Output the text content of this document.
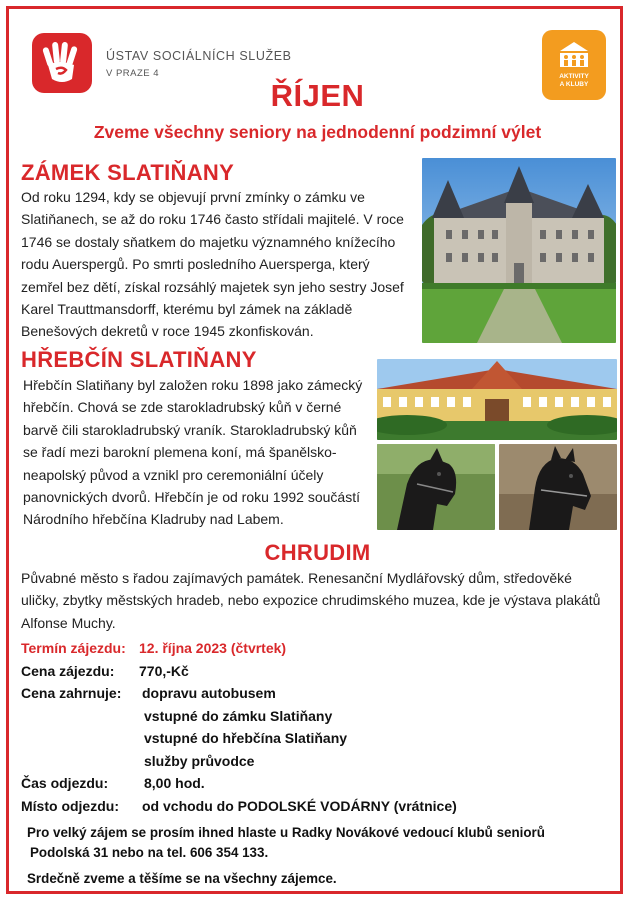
ÚSTAV SOCIÁLNÍCH SLUŽEB
V PRAZE 4	AKTIVITY
A KLUBY
ŘÍJEN
Zveme všechny seniory na jednodenní podzimní výlet
ZÁMEK SLATIŇANY
Od roku 1294, kdy se objevují první zmínky o zámku ve
Slatiňanech, se až do roku 1746 často střídali majitelé. V roce
1746 se dostaly sňatkem do majetku významného knížecího
rodu Auerspergů. Po smrti posledního Auersperga, který
zemřel bez dětí, získal rozsáhlý majetek syn jeho sestry Josef
Karel Trauttmansdorff, kterému byl zámek na základě
Benešových dekretů v roce 1945 zkonfiskován.
HŘEBČÍN SLATIŇANY
Hřebčín Slatiňany byl založen roku 1898 jako zámecký
hřebčín. Chová se zde starokladrubský kůň v černé
barvě čili starokladrubský vraník. Starokladrubský kůň
se řadí mezi barokní plemena koní, má španělsko-
neapolský původ a vznikl pro ceremoniální účely
panovnických dvorů. Hřebčín je od roku 1992 součástí
Národního hřebčína Kladruby nad Labem.
CHRUDIM
Půvabné město s řadou zajímavých památek. Renesanční Mydlářovský dům, středověké
uličky, zbytky městských hradeb, nebo expozice chrudimského muzea, kde je výstava plakátů
Alfonse Muchy.
Termín zájezdu: 12. října 2023 (čtvrtek)
Cena zájezdu: 770,-Kč
Cena zahrnuje: dopravu autobusem
vstupné do zámku Slatiňany
vstupné do hřebčína Slatiňany
služby průvodce
Čas odjezdu:	8,00 hod.
Místo odjezdu: od vchodu do PODOLSKÉ VODÁRNY (vrátnice)
Pro velký zájem se prosím ihned hlaste u Radky Novákové vedoucí klubů seniorů
Podolská 31 nebo na tel. 606 354 133.
Srdečně zveme a těšíme se na všechny zájemce.
